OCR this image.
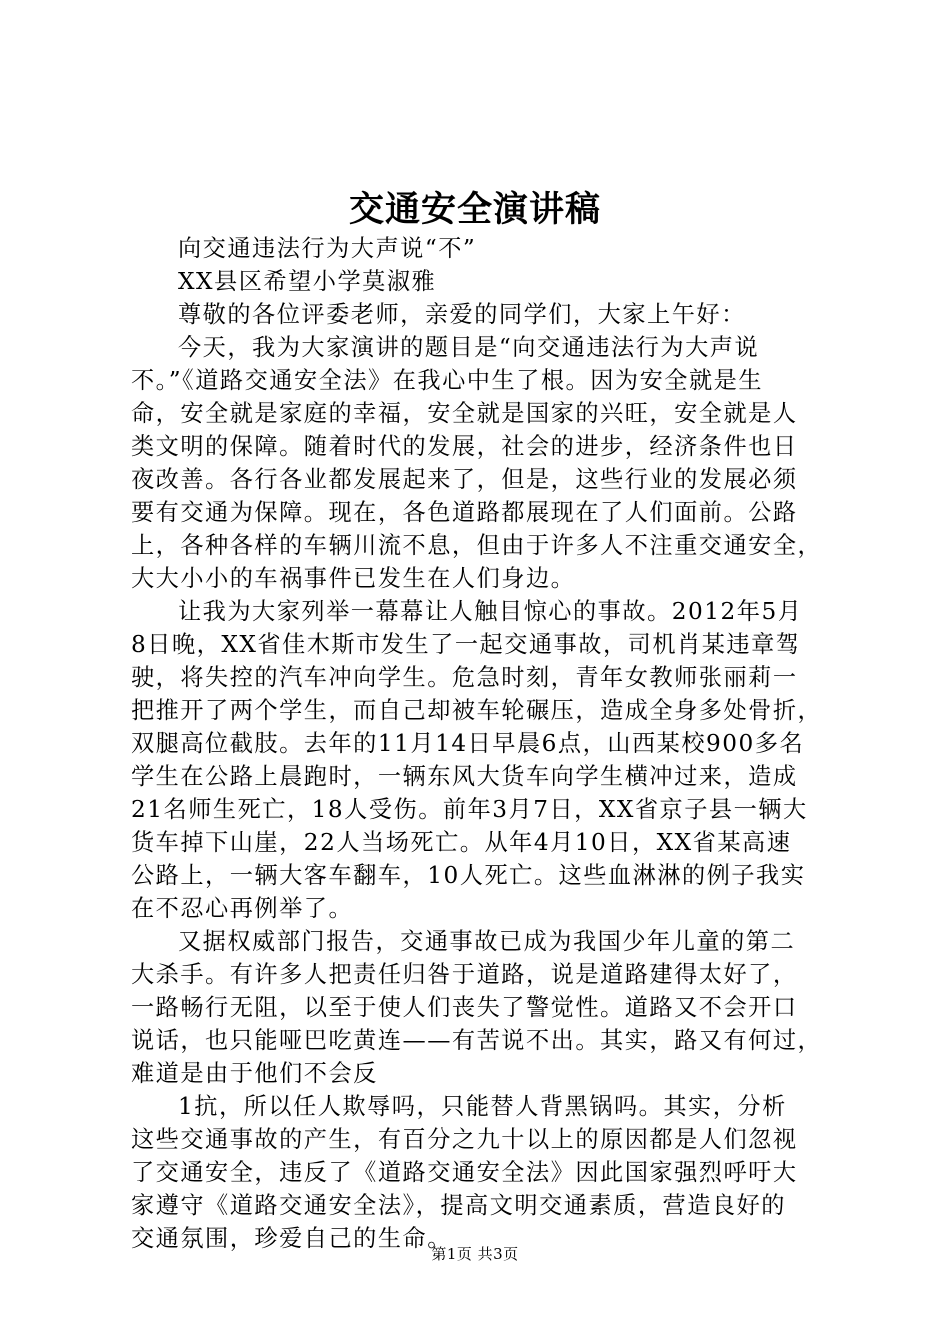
交通安全演讲稿
向交通违法行为大声说“不”
XX县区希望小学莫淑雅
尊敬的各位评委老师，亲爱的同学们，大家上午好：
今天，我为大家演讲的题目是“向交通违法行为大声说
不。”《道路交通安全法》在我心中生了根。因为安全就是生
命，安全就是家庭的幸福，安全就是国家的兴旺，安全就是人
类文明的保障。随着时代的发展，社会的进步，经济条件也日
夜改善。各行各业都发展起来了，但是，这些行业的发展必须
要有交通为保障。现在，各色道路都展现在了人们面前。公路
上，各种各样的车辆川流不息，但由于许多人不注重交通安全，
大大小小的车祸事件已发生在人们身边。
让我为大家列举一幕幕让人触目惊心的事故。2012年5月
8日晚，XX省佳木斯市发生了一起交通事故，司机肖某违章驾
驶，将失控的汽车冲向学生。危急时刻，青年女教师张丽莉一
把推开了两个学生，而自己却被车轮碾压，造成全身多处骨折，
双腿高位截肢。去年的11月14日早晨6点，山西某校900多名
学生在公路上晨跑时，一辆东风大货车向学生横冲过来，造成
21名师生死亡，18人受伤。前年3月7日，XX省京子县一辆大
货车掉下山崖，22人当场死亡。从年4月10日，XX省某高速
公路上，一辆大客车翻车，10人死亡。这些血淋淋的例子我实
在不忍心再例举了。
又据权威部门报告，交通事故已成为我国少年儿童的第二
大杀手。有许多人把责任归咎于道路，说是道路建得太好了，
一路畅行无阻，以至于使人们丧失了警觉性。道路又不会开口
说话，也只能哑巴吃黄连——有苦说不出。其实，路又有何过，
难道是由于他们不会反
1抗，所以任人欺辱吗，只能替人背黑锅吗。其实，分析
这些交通事故的产生，有百分之九十以上的原因都是人们忽视
了交通安全，违反了《道路交通安全法》因此国家强烈呼吁大
家遵守《道路交通安全法》，提高文明交通素质，营造良好的
交通氛围，珍爱自己的生命。
第1页 共3页
